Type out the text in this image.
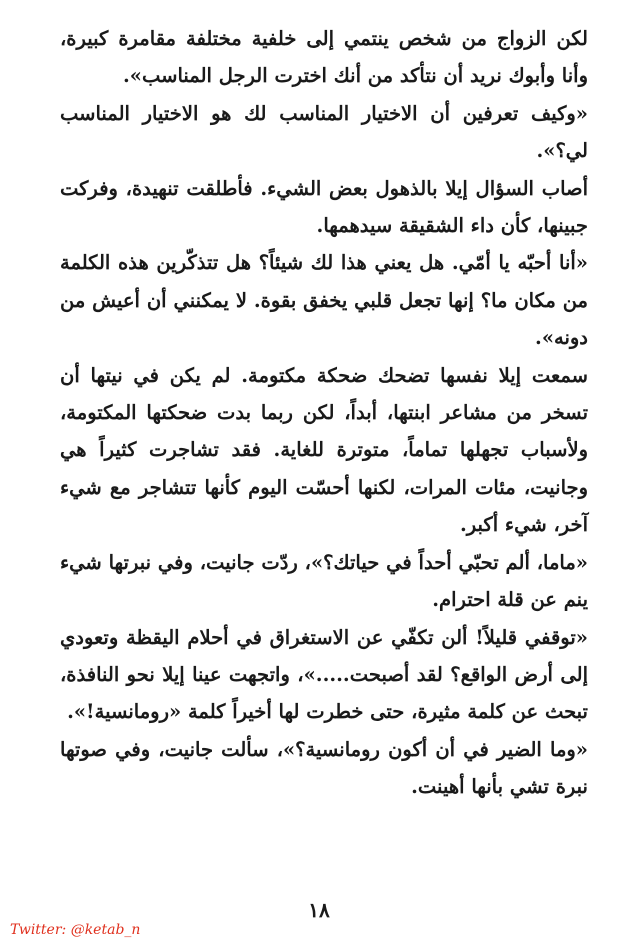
لكن الزواج من شخص ينتمي إلى خلفية مختلفة مقامرة كبيرة، وأنا وأبوك نريد أن نتأكد من أنك اخترت الرجل المناسب».

«وكيف تعرفين أن الاختيار المناسب لك هو الاختيار المناسب لي؟».

أصاب السؤال إيلا بالذهول بعض الشيء. فأطلقت تنهيدة، وفركت جبينها، كأن داء الشقيقة سيدهمها.

«أنا أحبّه يا أمّي. هل يعني هذا لك شيئاً؟ هل تتذكّرين هذه الكلمة من مكان ما؟ إنها تجعل قلبي يخفق بقوة. لا يمكنني أن أعيش من دونه».

سمعت إيلا نفسها تضحك ضحكة مكتومة. لم يكن في نيتها أن تسخر من مشاعر ابنتها، أبداً، لكن ربما بدت ضحكتها المكتومة، ولأسباب تجهلها تماماً، متوترة للغاية. فقد تشاجرت كثيراً هي وجانيت، مئات المرات، لكنها أحسّت اليوم كأنها تتشاجر مع شيء آخر، شيء أكبر.

«ماما، ألم تحبّي أحداً في حياتك؟»، ردّت جانيت، وفي نبرتها شيء ينم عن قلة احترام.

«توقفي قليلاً! ألن تكفّي عن الاستغراق في أحلام اليقظة وتعودي إلى أرض الواقع؟ لقد أصبحت.....»، واتجهت عينا إيلا نحو النافذة، تبحث عن كلمة مثيرة، حتى خطرت لها أخيراً كلمة «رومانسية!».

«وما الضير في أن أكون رومانسية؟»، سألت جانيت، وفي صوتها نبرة تشي بأنها أهينت.

١٨
Twitter: @ketab_n
